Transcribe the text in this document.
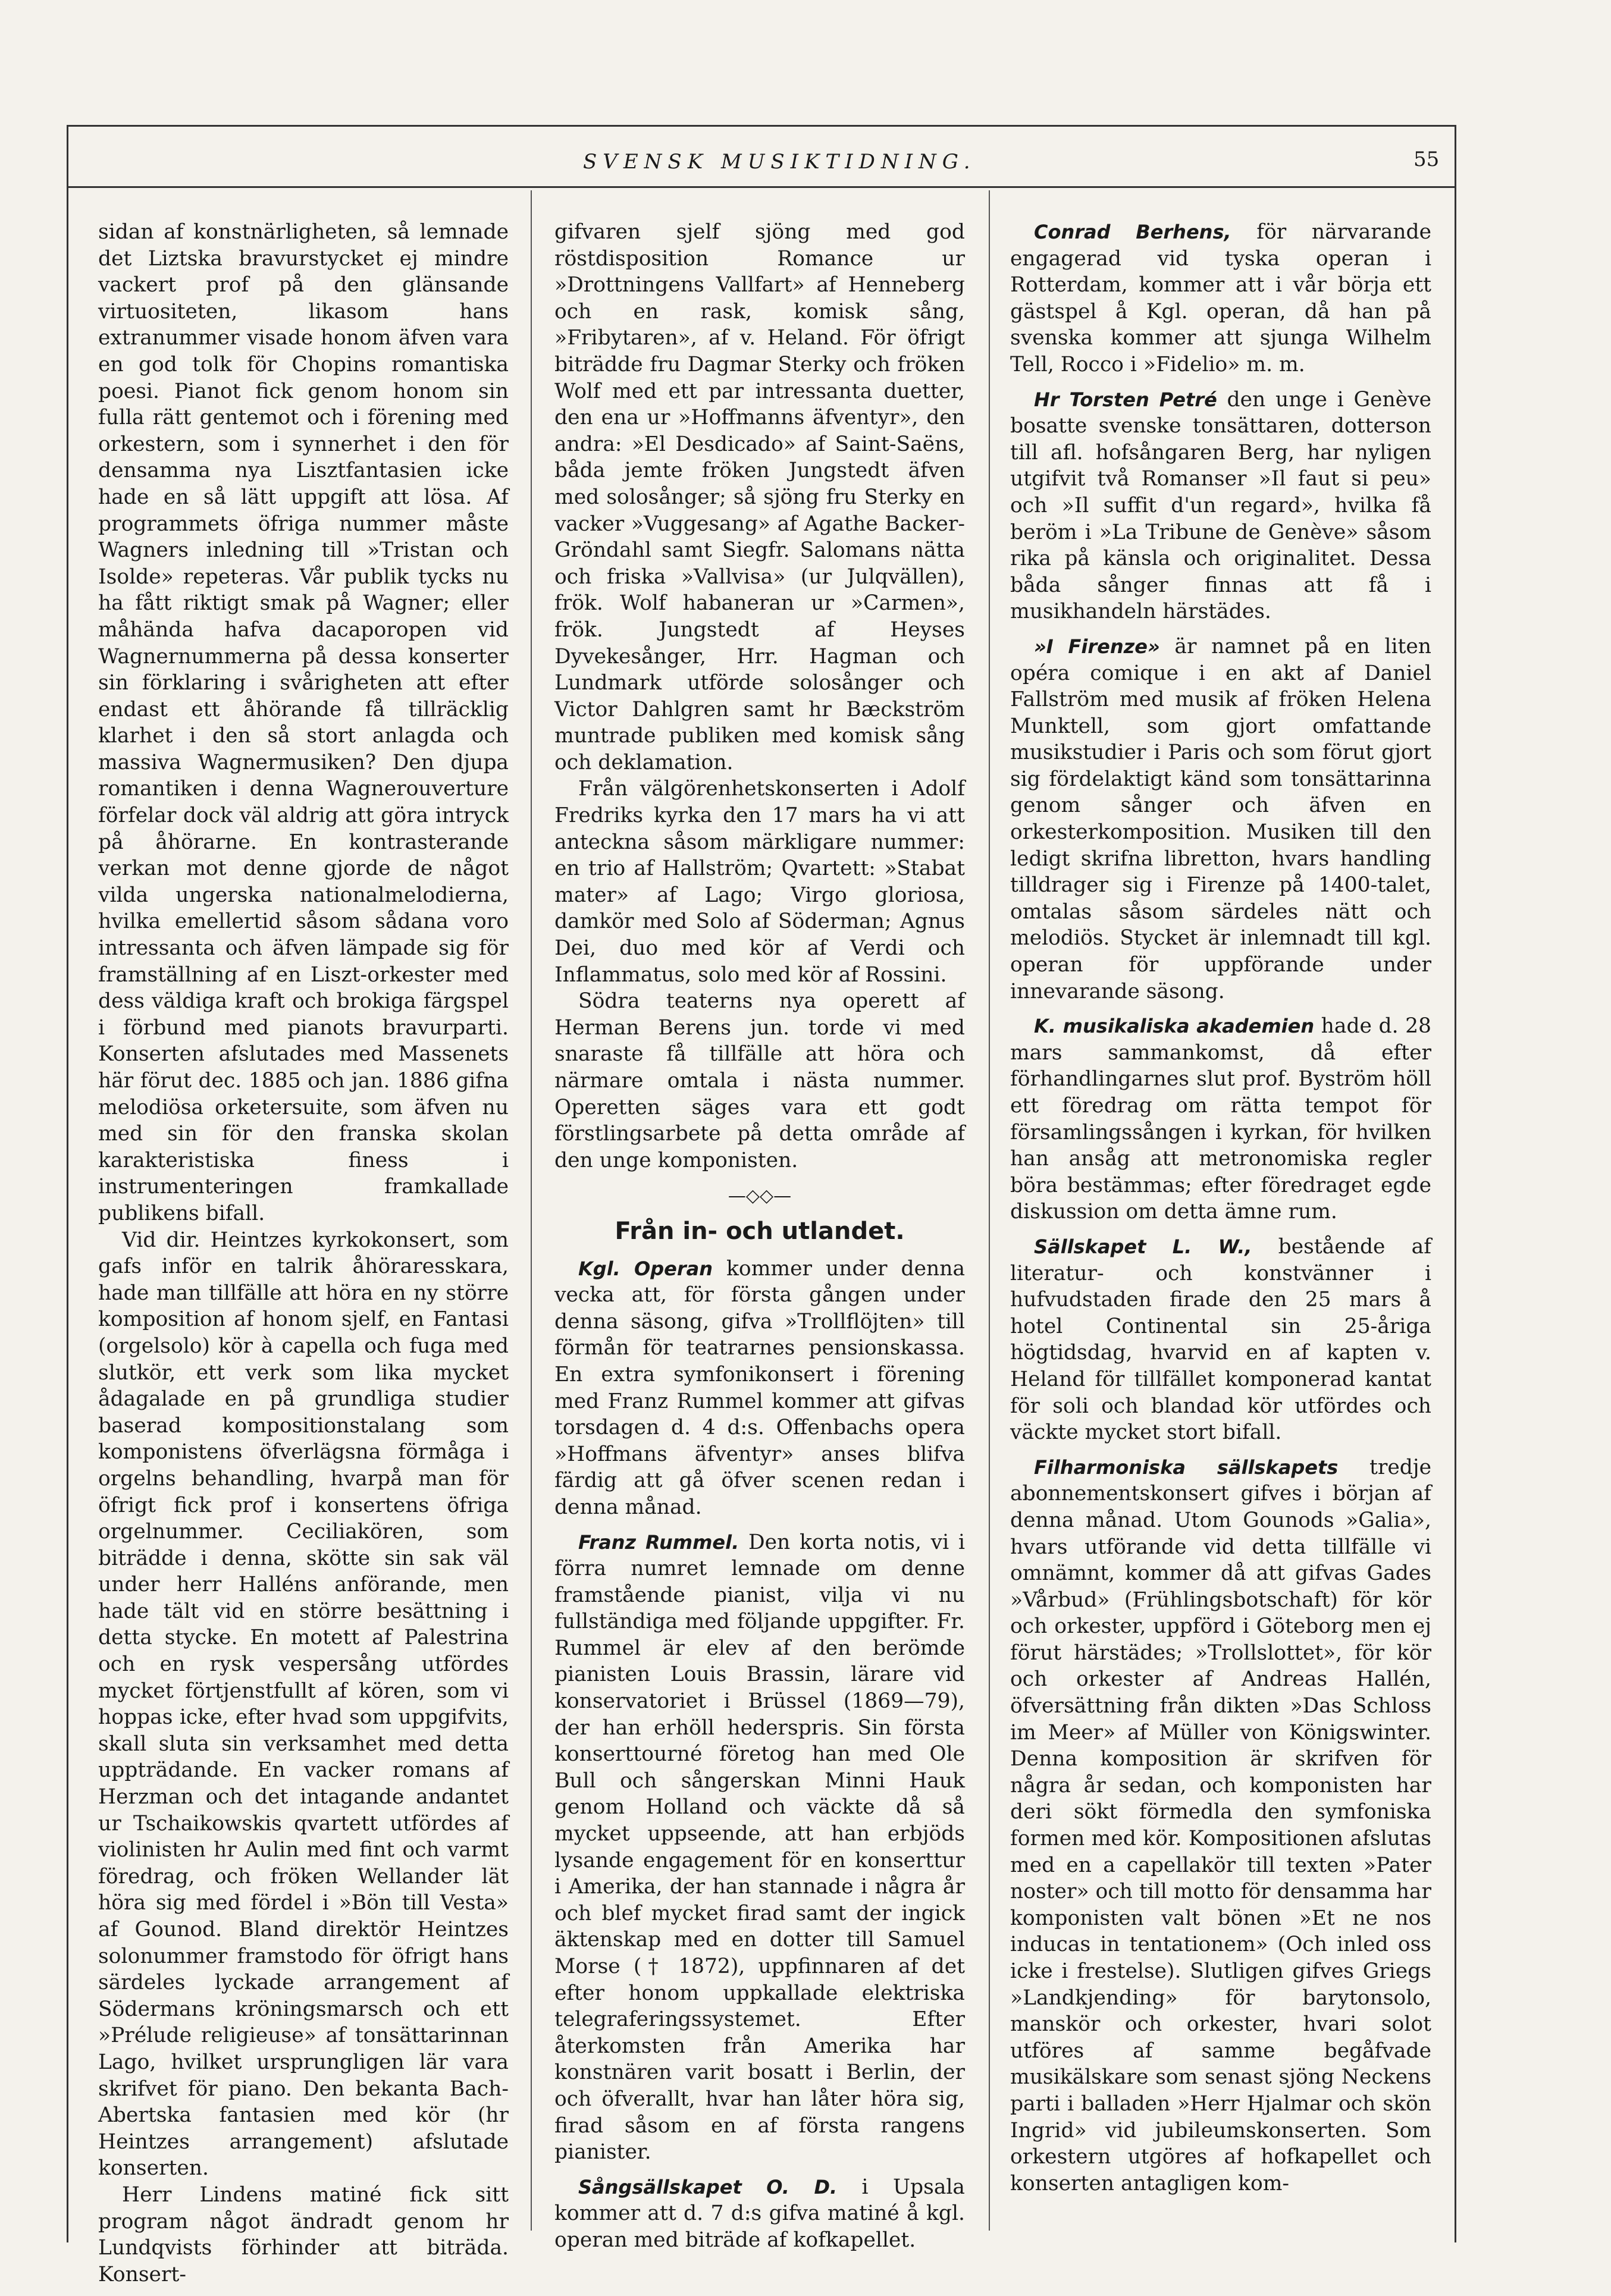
SVENSK MUSIKTIDNING.	55

sidan af konstnärligheten, så lemnade det Liztska bravurstycket ej mindre vackert prof på den glänsande virtuositeten, likasom hans extranummer visade honom äfven vara en god tolk för Chopins romantiska poesi. Pianot fick genom honom sin fulla rätt gentemot och i förening med orkestern, som i synnerhet i den för densamma nya Lisztfantasien icke hade en så lätt uppgift att lösa. Af programmets öfriga nummer måste Wagners inledning till »Tristan och Isolde» repeteras. Vår publik tycks nu ha fått riktigt smak på Wagner; eller måhända hafva dacaporopen vid Wagnernummerna på dessa konserter sin förklaring i svårigheten att efter endast ett åhörande få tillräcklig klarhet i den så stort anlagda och massiva Wagnermusiken? Den djupa romantiken i denna Wagnerouverture förfelar dock väl aldrig att göra intryck på åhörarne. En kontrasterande verkan mot denne gjorde de något vilda ungerska nationalmelodierna, hvilka emellertid såsom sådana voro intressanta och äfven lämpade sig för framställning af en Liszt-orkester med dess väldiga kraft och brokiga färgspel i förbund med pianots bravurparti. Konserten afslutades med Massenets här förut dec. 1885 och jan. 1886 gifna melodiösa orketersuite, som äfven nu med sin för den franska skolan karakteristiska finess i instrumenteringen framkallade publikens bifall.

Vid dir. Heintzes kyrkokonsert, som gafs inför en talrik åhöraresskara, hade man tillfälle att höra en ny större komposition af honom sjelf, en Fantasi (orgelsolo) kör à capella och fuga med slutkör, ett verk som lika mycket ådagalade en på grundliga studier baserad kompositionstalang som komponistens öfverlägsna förmåga i orgelns behandling, hvarpå man för öfrigt fick prof i konsertens öfriga orgelnummer. Ceciliakören, som biträdde i denna, skötte sin sak väl under herr Halléns anförande, men hade tält vid en större besättning i detta stycke. En motett af Palestrina och en rysk vespersång utfördes mycket förtjenstfullt af kören, som vi hoppas icke, efter hvad som uppgifvits, skall sluta sin verksamhet med detta uppträdande. En vacker romans af Herzman och det intagande andantet ur Tschaikowskis qvartett utfördes af violinisten hr Aulin med fint och varmt föredrag, och fröken Wellander lät höra sig med fördel i »Bön till Vesta» af Gounod. Bland direktör Heintzes solonummer framstodo för öfrigt hans särdeles lyckade arrangement af Södermans kröningsmarsch och ett »Prélude religieuse» af tonsättarinnan Lago, hvilket ursprungligen lär vara skrifvet för piano. Den bekanta Bach-Abertska fantasien med kör (hr Heintzes arrangement) afslutade konserten.

Herr Lindens matiné fick sitt program något ändradt genom hr Lundqvists förhinder att biträda. Konsert-

gifvaren sjelf sjöng med god röstdisposition Romance ur »Drottningens Vallfart» af Henneberg och en rask, komisk sång, »Fribytaren», af v. Heland. För öfrigt biträdde fru Dagmar Sterky och fröken Wolf med ett par intressanta duetter, den ena ur »Hoffmanns äfventyr», den andra: »El Desdicado» af Saint-Saëns, båda jemte fröken Jungstedt äfven med solosånger; så sjöng fru Sterky en vacker »Vuggesang» af Agathe Backer-Gröndahl samt Siegfr. Salomans nätta och friska »Vallvisa» (ur Julqvällen), frök. Wolf habaneran ur »Carmen», frök. Jungstedt af Heyses Dyvekesånger, Hrr. Hagman och Lundmark utförde solosånger och Victor Dahlgren samt hr Bæckström muntrade publiken med komisk sång och deklamation.

Från välgörenhetskonserten i Adolf Fredriks kyrka den 17 mars ha vi att anteckna såsom märkligare nummer: en trio af Hallström; Qvartett: »Stabat mater» af Lago; Virgo gloriosa, damkör med Solo af Söderman; Agnus Dei, duo med kör af Verdi och Inflammatus, solo med kör af Rossini.

Södra teaterns nya operett af Herman Berens jun. torde vi med snaraste få tillfälle att höra och närmare omtala i nästa nummer. Operetten säges vara ett godt förstlingsarbete på detta område af den unge komponisten.

—◇◇—
Från in- och utlandet.

Kgl. Operan kommer under denna vecka att, för första gången under denna säsong, gifva »Trollflöjten» till förmån för teatrarnes pensionskassa. En extra symfonikonsert i förening med Franz Rummel kommer att gifvas torsdagen d. 4 d:s. Offenbachs opera »Hoffmans äfventyr» anses blifva färdig att gå öfver scenen redan i denna månad.

Franz Rummel. Den korta notis, vi i förra numret lemnade om denne framstående pianist, vilja vi nu fullständiga med följande uppgifter. Fr. Rummel är elev af den berömde pianisten Louis Brassin, lärare vid konservatoriet i Brüssel (1869—79), der han erhöll hederspris. Sin första konserttourné företog han med Ole Bull och sångerskan Minni Hauk genom Holland och väckte då så mycket uppseende, att han erbjöds lysande engagement för en konserttur i Amerika, der han stannade i några år och blef mycket firad samt der ingick äktenskap med en dotter till Samuel Morse († 1872), uppfinnaren af det efter honom uppkallade elektriska telegraferingssystemet. Efter återkomsten från Amerika har konstnären varit bosatt i Berlin, der och öfverallt, hvar han låter höra sig, firad såsom en af första rangens pianister.

Sångsällskapet O. D. i Upsala kommer att d. 7 d:s gifva matiné å kgl. operan med biträde af kofkapellet.

Conrad Berhens, för närvarande engagerad vid tyska operan i Rotterdam, kommer att i vår börja ett gästspel å Kgl. operan, då han på svenska kommer att sjunga Wilhelm Tell, Rocco i »Fidelio» m. m.

Hr Torsten Petré den unge i Genève bosatte svenske tonsättaren, dotterson till afl. hofsångaren Berg, har nyligen utgifvit två Romanser »Il faut si peu» och »Il suffit d'un regard», hvilka få beröm i »La Tribune de Genève» såsom rika på känsla och originalitet. Dessa båda sånger finnas att få i musikhandeln härstädes.

»I Firenze» är namnet på en liten opéra comique i en akt af Daniel Fallström med musik af fröken Helena Munktell, som gjort omfattande musikstudier i Paris och som förut gjort sig fördelaktigt känd som tonsättarinna genom sånger och äfven en orkesterkomposition. Musiken till den ledigt skrifna libretton, hvars handling tilldrager sig i Firenze på 1400-talet, omtalas såsom särdeles nätt och melodiös. Stycket är inlemnadt till kgl. operan för uppförande under innevarande säsong.

K. musikaliska akademien hade d. 28 mars sammankomst, då efter förhandlingarnes slut prof. Byström höll ett föredrag om rätta tempot för församlingssången i kyrkan, för hvilken han ansåg att metronomiska regler böra bestämmas; efter föredraget egde diskussion om detta ämne rum.

Sällskapet L. W., bestående af literatur- och konstvänner i hufvudstaden firade den 25 mars å hotel Continental sin 25-åriga högtidsdag, hvarvid en af kapten v. Heland för tillfället komponerad kantat för soli och blandad kör utfördes och väckte mycket stort bifall.

Filharmoniska sällskapets tredje abonnementskonsert gifves i början af denna månad. Utom Gounods »Galia», hvars utförande vid detta tillfälle vi omnämnt, kommer då att gifvas Gades »Vårbud» (Frühlingsbotschaft) för kör och orkester, uppförd i Göteborg men ej förut härstädes; »Trollslottet», för kör och orkester af Andreas Hallén, öfversättning från dikten »Das Schloss im Meer» af Müller von Königswinter. Denna komposition är skrifven för några år sedan, och komponisten har deri sökt förmedla den symfoniska formen med kör. Kompositionen afslutas med en a capellakör till texten »Pater noster» och till motto för densamma har komponisten valt bönen »Et ne nos inducas in tentationem» (Och inled oss icke i frestelse). Slutligen gifves Griegs »Landkjending» för barytonsolo, manskör och orkester, hvari solot utföres af samme begåfvade musikälskare som senast sjöng Neckens parti i balladen »Herr Hjalmar och skön Ingrid» vid jubileumskonserten. Som orkestern utgöres af hofkapellet och konserten antagligen kom-
